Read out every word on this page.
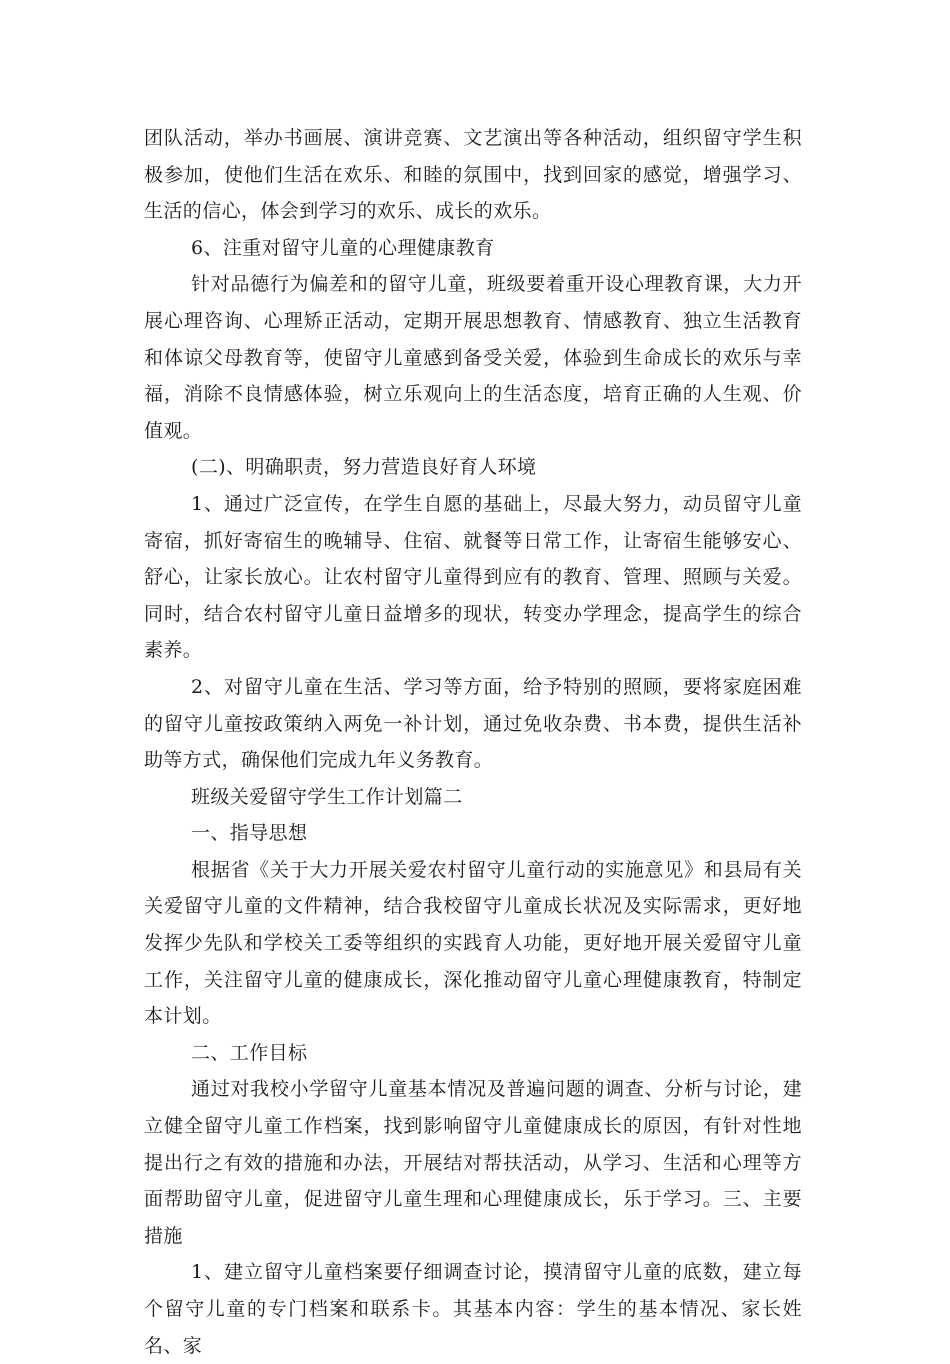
团队活动，举办书画展、演讲竞赛、文艺演出等各种活动，组织留守学生积极参加，使他们生活在欢乐、和睦的氛围中，找到回家的感觉，增强学习、生活的信心，体会到学习的欢乐、成长的欢乐。

6、注重对留守儿童的心理健康教育

针对品德行为偏差和的留守儿童，班级要着重开设心理教育课，大力开展心理咨询、心理矫正活动，定期开展思想教育、情感教育、独立生活教育和体谅父母教育等，使留守儿童感到备受关爱，体验到生命成长的欢乐与幸福，消除不良情感体验，树立乐观向上的生活态度，培育正确的人生观、价值观。

(二)、明确职责，努力营造良好育人环境

1、通过广泛宣传，在学生自愿的基础上，尽最大努力，动员留守儿童寄宿，抓好寄宿生的晚辅导、住宿、就餐等日常工作，让寄宿生能够安心、舒心，让家长放心。让农村留守儿童得到应有的教育、管理、照顾与关爱。同时，结合农村留守儿童日益增多的现状，转变办学理念，提高学生的综合素养。

2、对留守儿童在生活、学习等方面，给予特别的照顾，要将家庭困难的留守儿童按政策纳入两免一补计划，通过免收杂费、书本费，提供生活补助等方式，确保他们完成九年义务教育。

班级关爱留守学生工作计划篇二

一、指导思想

根据省《关于大力开展关爱农村留守儿童行动的实施意见》和县局有关关爱留守儿童的文件精神，结合我校留守儿童成长状况及实际需求，更好地发挥少先队和学校关工委等组织的实践育人功能，更好地开展关爱留守儿童工作，关注留守儿童的健康成长，深化推动留守儿童心理健康教育，特制定本计划。

二、工作目标

通过对我校小学留守儿童基本情况及普遍问题的调查、分析与讨论，建立健全留守儿童工作档案，找到影响留守儿童健康成长的原因，有针对性地提出行之有效的措施和办法，开展结对帮扶活动，从学习、生活和心理等方面帮助留守儿童，促进留守儿童生理和心理健康成长，乐于学习。三、主要措施

1、建立留守儿童档案要仔细调查讨论，摸清留守儿童的底数，建立每个留守儿童的专门档案和联系卡。其基本内容：学生的基本情况、家长姓名、家
